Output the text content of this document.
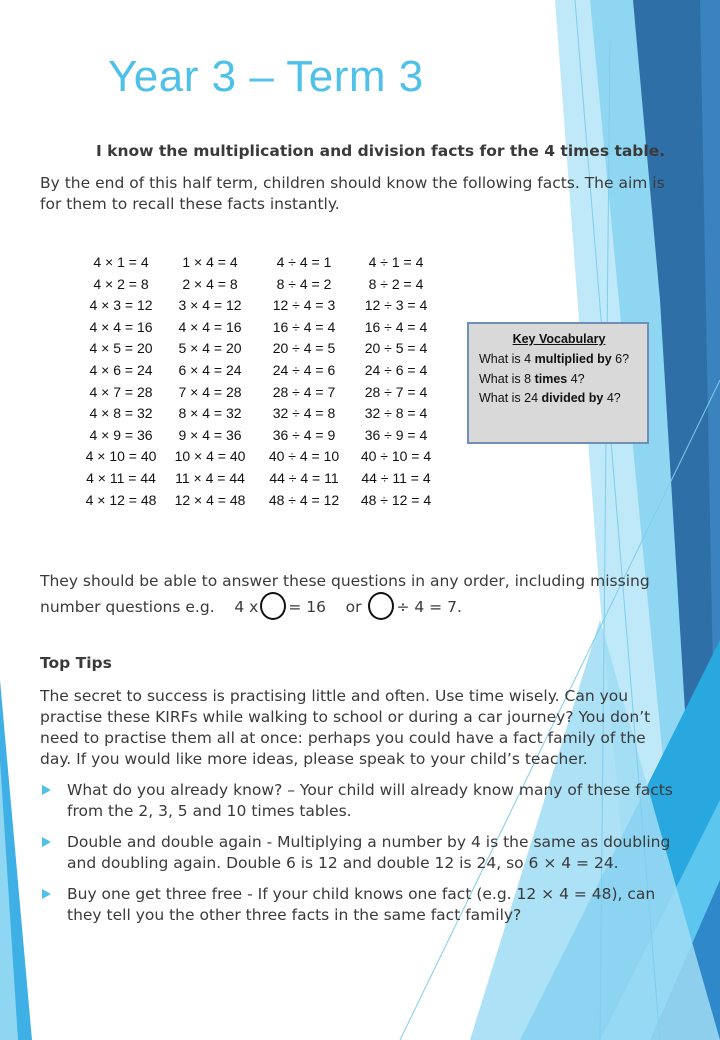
Year 3 – Term 3
I know the multiplication and division facts for the 4 times table.
By the end of this half term, children should know the following facts. The aim is for them to recall these facts instantly.
4 × 1 = 4	1 × 4 = 4	4 ÷ 4 = 1	4 ÷ 1 = 4
4 × 2 = 8	2 × 4 = 8	8 ÷ 4 = 2	8 ÷ 2 = 4
4 × 3 = 12	3 × 4 = 12	12 ÷ 4 = 3	12 ÷ 3 = 4
4 × 4 = 16	4 × 4 = 16	16 ÷ 4 = 4	16 ÷ 4 = 4
4 × 5 = 20	5 × 4 = 20	20 ÷ 4 = 5	20 ÷ 5 = 4
4 × 6 = 24	6 × 4 = 24	24 ÷ 4 = 6	24 ÷ 6 = 4
4 × 7 = 28	7 × 4 = 28	28 ÷ 4 = 7	28 ÷ 7 = 4
4 × 8 = 32	8 × 4 = 32	32 ÷ 4 = 8	32 ÷ 8 = 4
4 × 9 = 36	9 × 4 = 36	36 ÷ 4 = 9	36 ÷ 9 = 4
4 × 10 = 40	10 × 4 = 40	40 ÷ 4 = 10	40 ÷ 10 = 4
4 × 11 = 44	11 × 4 = 44	44 ÷ 4 = 11	44 ÷ 11 = 4
4 × 12 = 48	12 × 4 = 48	48 ÷ 4 = 12	48 ÷ 12 = 4
Key Vocabulary
What is 4 multiplied by 6?
What is 8 times 4?
What is 24 divided by 4?
They should be able to answer these questions in any order, including missing
number questions e.g. 4 x = 16 or ÷ 4 = 7.
Top Tips
The secret to success is practising little and often. Use time wisely. Can you practise these KIRFs while walking to school or during a car journey? You don’t need to practise them all at once: perhaps you could have a fact family of the day. If you would like more ideas, please speak to your child’s teacher.
What do you already know? – Your child will already know many of these facts from the 2, 3, 5 and 10 times tables.
Double and double again - Multiplying a number by 4 is the same as doubling and doubling again. Double 6 is 12 and double 12 is 24, so 6 × 4 = 24.
Buy one get three free - If your child knows one fact (e.g. 12 × 4 = 48), can they tell you the other three facts in the same fact family?
